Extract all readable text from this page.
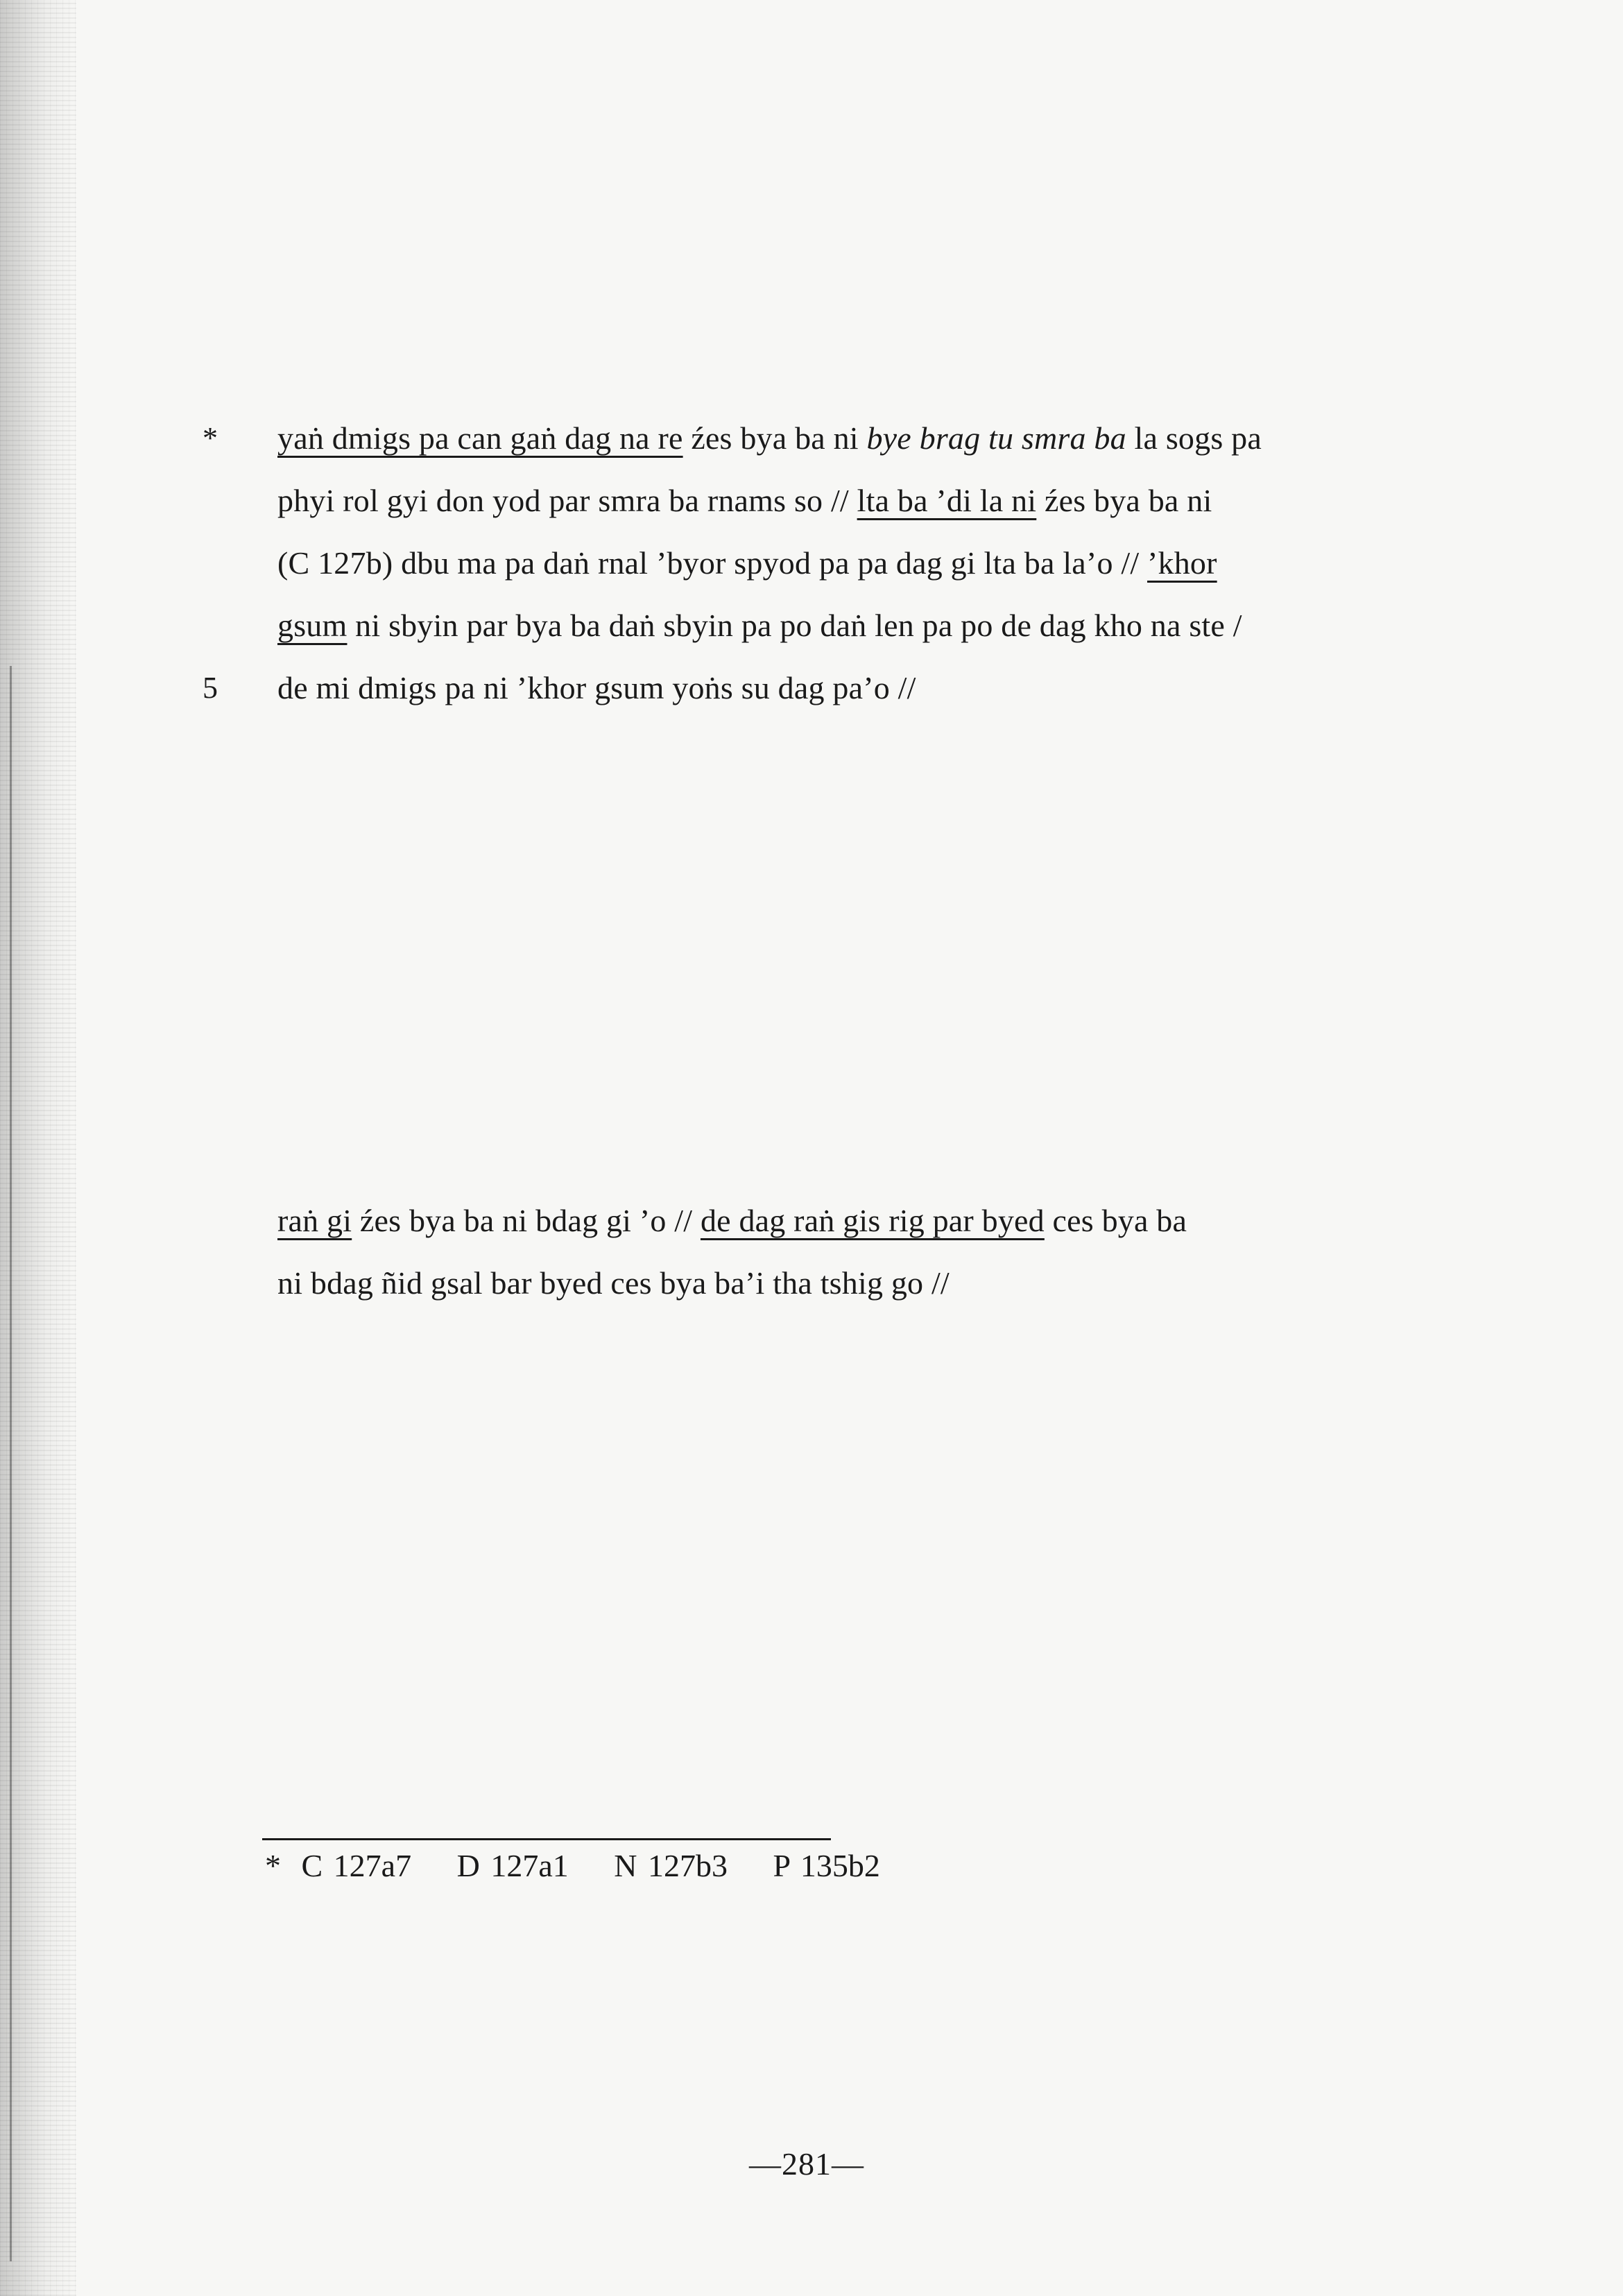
*
5
yaṅ dmigs pa can gaṅ dag na re źes bya ba ni bye brag tu smra ba la sogs pa
phyi rol gyi don yod par smra ba rnams so // lta ba ’di la ni źes bya ba ni
(C 127b) dbu ma pa daṅ rnal ’byor spyod pa pa dag gi lta ba la’o // ’khor
gsum ni sbyin par bya ba daṅ sbyin pa po daṅ len pa po de dag kho na ste /
de mi dmigs pa ni ’khor gsum yoṅs su dag pa’o //
raṅ gi źes bya ba ni bdag gi ’o // de dag raṅ gis rig par byed ces bya ba
ni bdag ñid gsal bar byed ces bya ba’i tha tshig go //
* C 127a7 D 127a1 N 127b3 P 135b2
—281—
